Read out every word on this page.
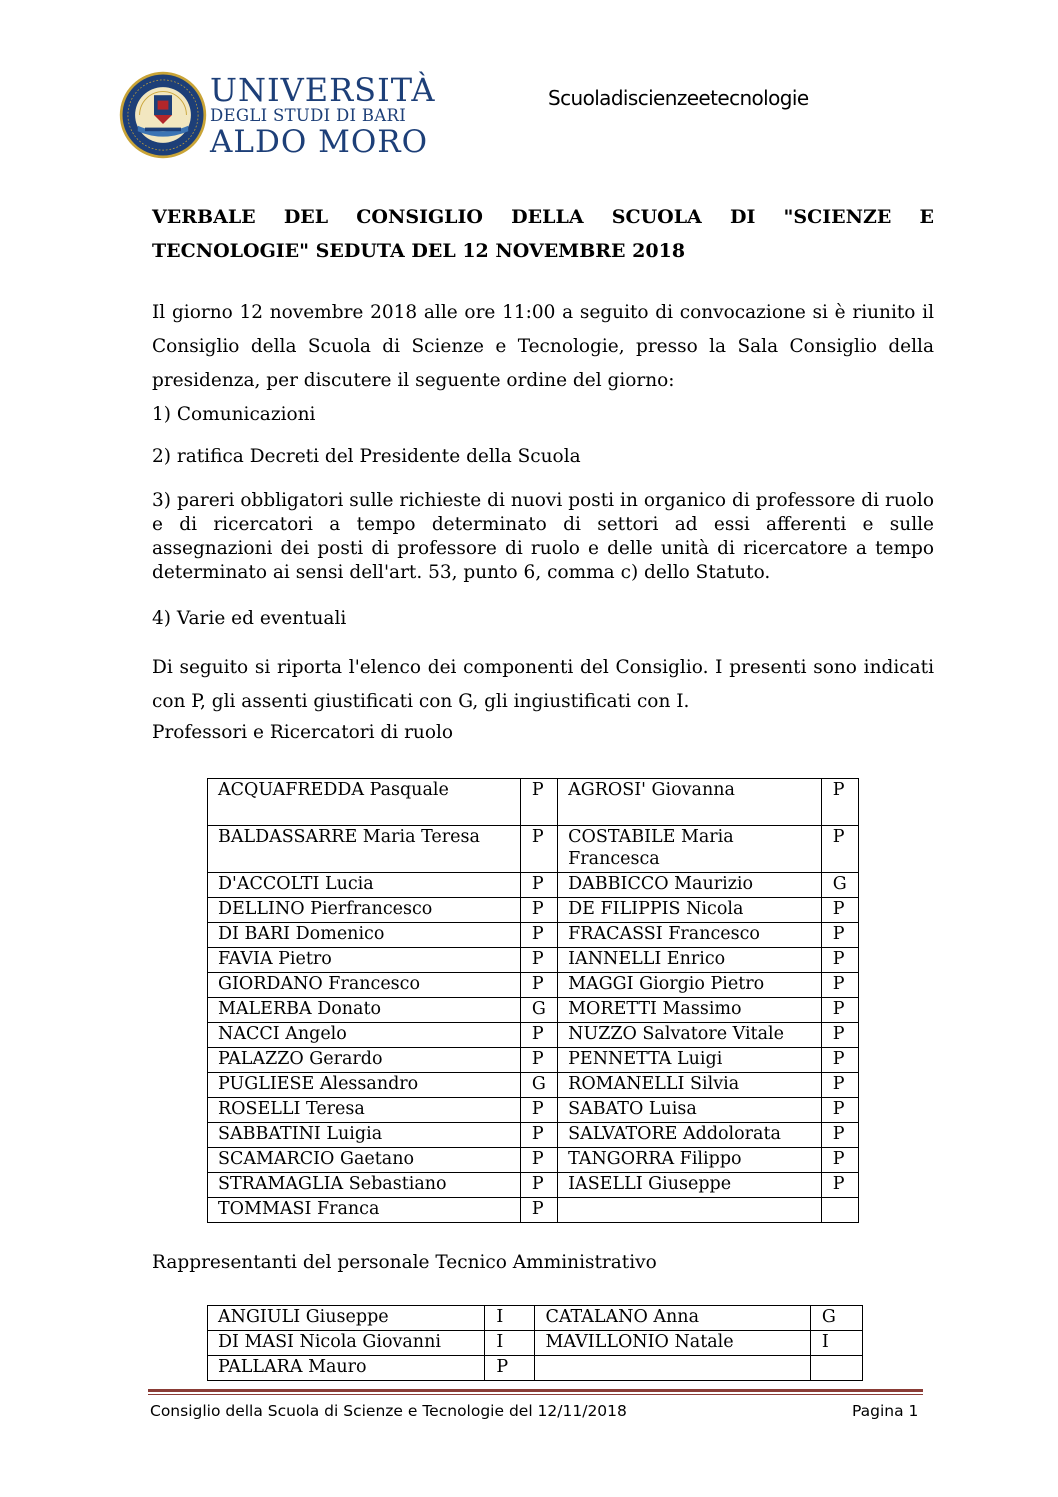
UNIVERSITÀ
DEGLI STUDI DI BARI
ALDO MORO
Scuoladiscienzeetecnologie
VERBALE DEL CONSIGLIO DELLA SCUOLA DI "SCIENZE E TECNOLOGIE" SEDUTA DEL 12 NOVEMBRE 2018
Il giorno 12 novembre 2018 alle ore 11:00 a seguito di convocazione si è riunito il Consiglio della Scuola di Scienze e Tecnologie, presso la Sala Consiglio della presidenza, per discutere il seguente ordine del giorno:
1) Comunicazioni
2) ratifica Decreti del Presidente della Scuola
3) pareri obbligatori sulle richieste di nuovi posti in organico di professore di ruolo e di ricercatori a tempo determinato di settori ad essi afferenti e sulle assegnazioni dei posti di professore di ruolo e delle unità di ricercatore a tempo determinato ai sensi dell'art. 53, punto 6, comma c) dello Statuto.
4) Varie ed eventuali
Di seguito si riporta l'elenco dei componenti del Consiglio. I presenti sono indicati con P, gli assenti giustificati con G, gli ingiustificati con I.
Professori e Ricercatori di ruolo
ACQUAFREDDA Pasquale	P	AGROSI' Giovanna	P
BALDASSARRE Maria Teresa	P	COSTABILE Maria Francesca	P
D'ACCOLTI Lucia	P	DABBICCO Maurizio	G
DELLINO Pierfrancesco	P	DE FILIPPIS Nicola	P
DI BARI Domenico	P	FRACASSI Francesco	P
FAVIA Pietro	P	IANNELLI Enrico	P
GIORDANO Francesco	P	MAGGI Giorgio Pietro	P
MALERBA Donato	G	MORETTI Massimo	P
NACCI Angelo	P	NUZZO Salvatore Vitale	P
PALAZZO Gerardo	P	PENNETTA Luigi	P
PUGLIESE Alessandro	G	ROMANELLI Silvia	P
ROSELLI Teresa	P	SABATO Luisa	P
SABBATINI Luigia	P	SALVATORE Addolorata	P
SCAMARCIO Gaetano	P	TANGORRA Filippo	P
STRAMAGLIA Sebastiano	P	IASELLI Giuseppe	P
TOMMASI Franca	P		
Rappresentanti del personale Tecnico Amministrativo
ANGIULI Giuseppe	I	CATALANO Anna	G
DI MASI Nicola Giovanni	I	MAVILLONIO Natale	I
PALLARA Mauro	P		
Consiglio della Scuola di Scienze e Tecnologie del 12/11/2018	Pagina 1
